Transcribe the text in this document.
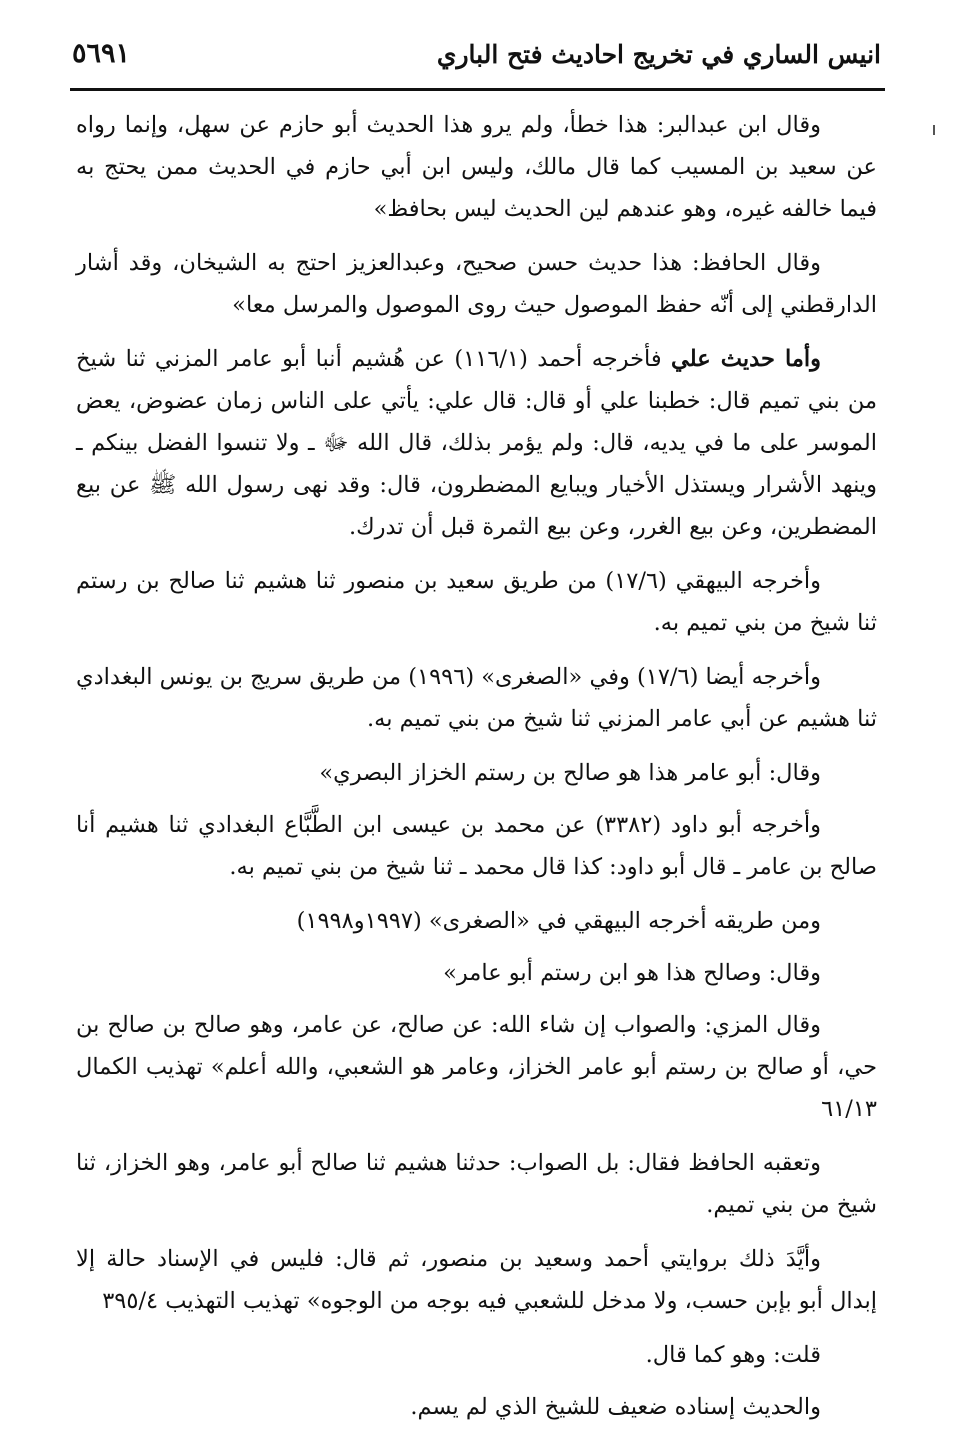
انيس الساري في تخريج احاديث فتح الباري
٥٦٩١

وقال ابن عبدالبر: هذا خطأ، ولم يرو هذا الحديث أبو حازم عن سهل، وإنما رواه عن سعيد بن المسيب كما قال مالك، وليس ابن أبي حازم في الحديث ممن يحتج به فيما خالفه غيره، وهو عندهم لين الحديث ليس بحافظ»

وقال الحافظ: هذا حديث حسن صحيح، وعبدالعزيز احتج به الشيخان، وقد أشار الدارقطني إلى أنّه حفظ الموصول حيث روى الموصول والمرسل معا»

وأما حديث علي فأخرجه أحمد (١١٦/١) عن هُشيم أنبا أبو عامر المزني ثنا شيخ من بني تميم قال: خطبنا علي أو قال: قال علي: يأتي على الناس زمان عضوض، يعض الموسر على ما في يديه، قال: ولم يؤمر بذلك، قال الله ﷻ ـ ولا تنسوا الفضل بينكم ـ وينهد الأشرار ويستذل الأخيار ويبايع المضطرون، قال: وقد نهى رسول الله ﷺ عن بيع المضطرين، وعن بيع الغرر، وعن بيع الثمرة قبل أن تدرك.

وأخرجه البيهقي (١٧/٦) من طريق سعيد بن منصور ثنا هشيم ثنا صالح بن رستم ثنا شيخ من بني تميم به.

وأخرجه أيضا (١٧/٦) وفي «الصغرى» (١٩٩٦) من طريق سريج بن يونس البغدادي ثنا هشيم عن أبي عامر المزني ثنا شيخ من بني تميم به.

وقال: أبو عامر هذا هو صالح بن رستم الخزاز البصري»

وأخرجه أبو داود (٣٣٨٢) عن محمد بن عيسى ابن الطَّبَّاع البغدادي ثنا هشيم أنا صالح بن عامر ـ قال أبو داود: كذا قال محمد ـ ثنا شيخ من بني تميم به.

ومن طريقه أخرجه البيهقي في «الصغرى» (١٩٩٧و١٩٩٨)

وقال: وصالح هذا هو ابن رستم أبو عامر»

وقال المزي: والصواب إن شاء الله: عن صالح، عن عامر، وهو صالح بن صالح بن حي، أو صالح بن رستم أبو عامر الخزاز، وعامر هو الشعبي، والله أعلم» تهذيب الكمال ٦١/١٣

وتعقبه الحافظ فقال: بل الصواب: حدثنا هشيم ثنا صالح أبو عامر، وهو الخزاز، ثنا شيخ من بني تميم.

وأيَّدَ ذلك بروايتي أحمد وسعيد بن منصور، ثم قال: فليس في الإسناد حالة إلا إبدال أبو بإبن حسب، ولا مدخل للشعبي فيه بوجه من الوجوه» تهذيب التهذيب ٣٩٥/٤

قلت: وهو كما قال.

والحديث إسناده ضعيف للشيخ الذي لم يسم.
